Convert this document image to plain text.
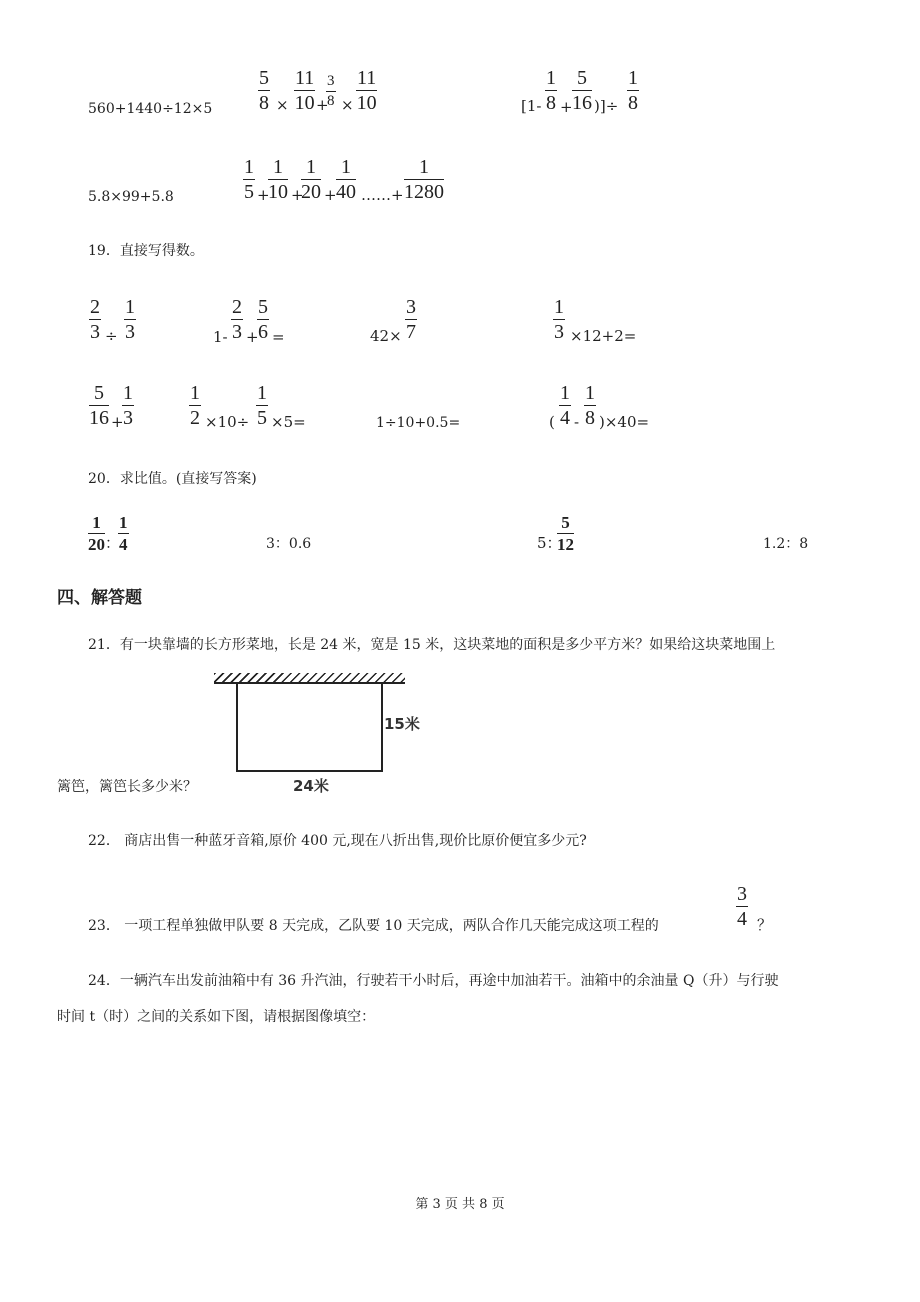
560+1440÷12×5
5
8 ×
11
10 +
3
8 ×
11
10	[1-
1
8 +
5
16 )]÷
1
8
5.8×99+5.8
1
5 +
1
10 +
1
20 +
1
40 ……+
1
1280
19．直接写得数。
2
3 ÷
1
3	1-
2
3 +
5
6 =	42×
3
7
1
3 ×12+2=
5
16 +
1
3
1
2 ×10÷
1
5 ×5=	1÷10+0.5=	(
1
4 -
1
8 )×40=
20．求比值。(直接写答案)
1
20 ：
1
4	3：0.6	5：
5
12	1.2：8
四、解答题
21．有一块靠墙的长方形菜地，长是 24 米，宽是 15 米，这块菜地的面积是多少平方米？如果给这块菜地围上
15米
24米
篱笆，篱笆长多少米？
22． 商店出售一种蓝牙音箱,原价 400 元,现在八折出售,现价比原价便宜多少元?
23． 一项工程单独做甲队要 8 天完成，乙队要 10 天完成，两队合作几天能完成这项工程的
3
4 ？
24．一辆汽车出发前油箱中有 36 升汽油，行驶若干小时后，再途中加油若干。油箱中的余油量 Q（升）与行驶
时间 t（时）之间的关系如下图，请根据图像填空：
第 3 页 共 8 页
